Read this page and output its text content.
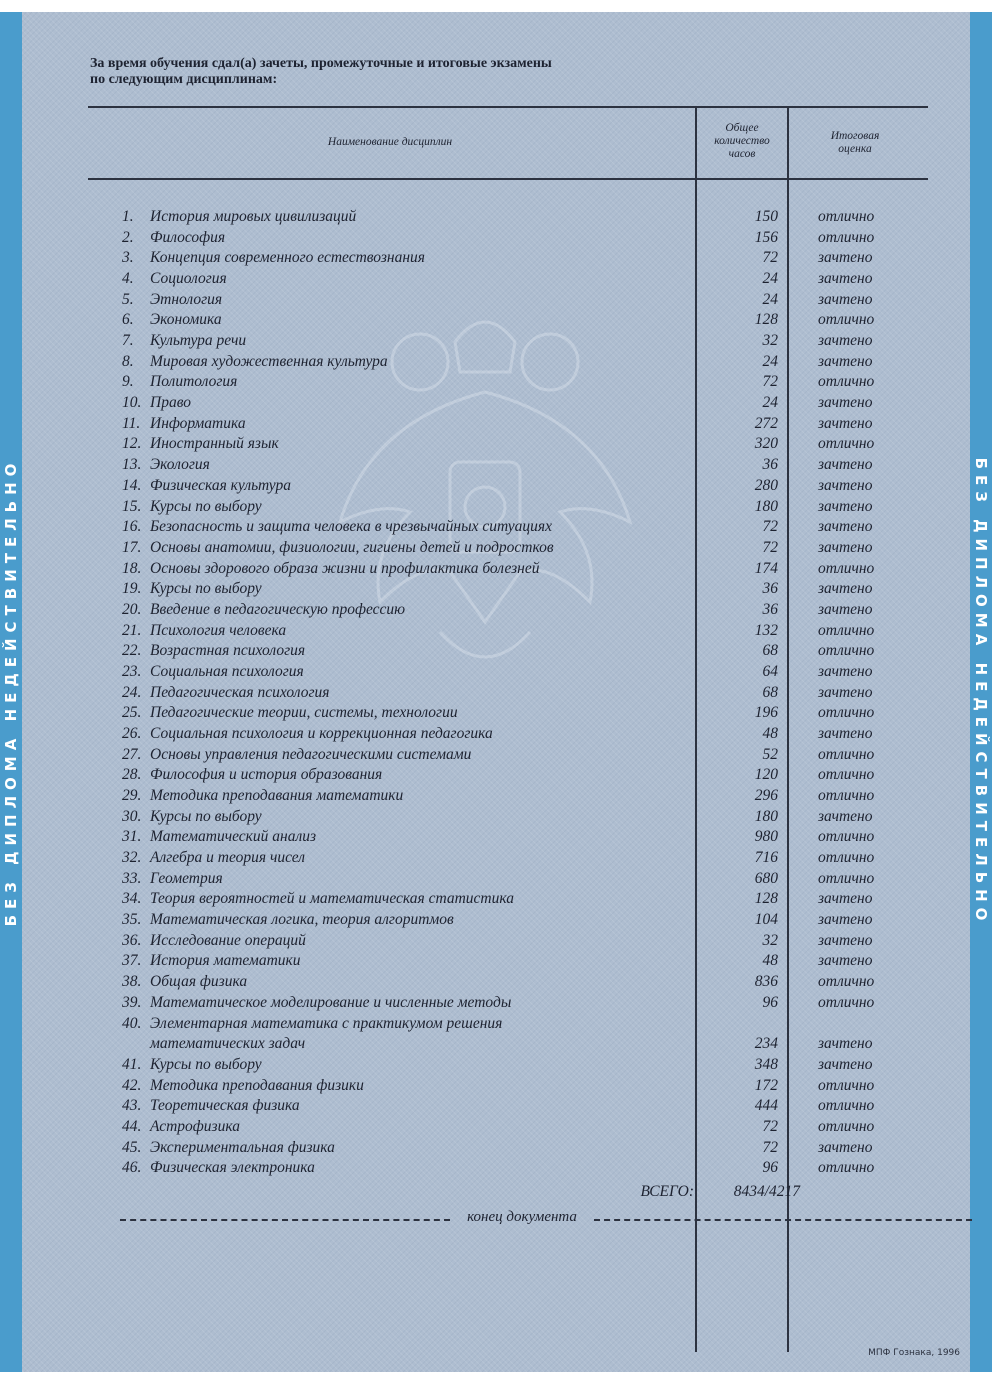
БЕЗ ДИПЛОМА НЕДЕЙСТВИТЕЛЬНО	БЕЗ ДИПЛОМА НЕДЕЙСТВИТЕЛЬНО
За время обучения сдал(а) зачеты, промежуточные и итоговые экзамены
по следующим дисциплинам:
Наименование дисциплин
Общее
количество
часов
Итоговая
оценка
1.	История мировых цивилизаций	150	отлично
2.	Философия	156	отлично
3.	Концепция современного естествознания	72	зачтено
4.	Социология	24	зачтено
5.	Этнология	24	зачтено
6.	Экономика	128	отлично
7.	Культура речи	32	зачтено
8.	Мировая художественная культура	24	зачтено
9.	Политология	72	отлично
10. Право	24	зачтено
11. Информатика	272	зачтено
12. Иностранный язык	320	отлично
13. Экология	36	зачтено
14. Физическая культура	280	зачтено
15. Курсы по выбору	180	зачтено
16. Безопасность и защита человека в чрезвычайных ситуациях	72	зачтено
17. Основы анатомии, физиологии, гигиены детей и подростков	72	зачтено
18. Основы здорового образа жизни и профилактика болезней	174	отлично
19. Курсы по выбору	36	зачтено
20. Введение в педагогическую профессию	36	зачтено
21. Психология человека	132	отлично
22. Возрастная психология	68	отлично
23. Социальная психология	64	зачтено
24. Педагогическая психология	68	зачтено
25. Педагогические теории, системы, технологии	196	отлично
26. Социальная психология и коррекционная педагогика	48	зачтено
27. Основы управления педагогическими системами	52	отлично
28. Философия и история образования	120	отлично
29. Методика преподавания математики	296	отлично
30. Курсы по выбору	180	зачтено
31. Математический анализ	980	отлично
32. Алгебра и теория чисел	716	отлично
33. Геометрия	680	отлично
34. Теория вероятностей и математическая статистика	128	зачтено
35. Математическая логика, теория алгоритмов	104	зачтено
36. Исследование операций	32	зачтено
37. История математики	48	зачтено
38. Общая физика	836	отлично
39. Математическое моделирование и численные методы	96	отлично
40. Элементарная математика с практикумом решения
математических задач	234	зачтено
41. Курсы по выбору	348	зачтено
42. Методика преподавания физики	172	отлично
43. Теоретическая физика	444	отлично
44. Астрофизика	72	отлично
45. Экспериментальная физика	72	зачтено
46. Физическая электроника	96	отлично
ВСЕГО:	8434/4217
конец документа
МПФ Гознака, 1996
